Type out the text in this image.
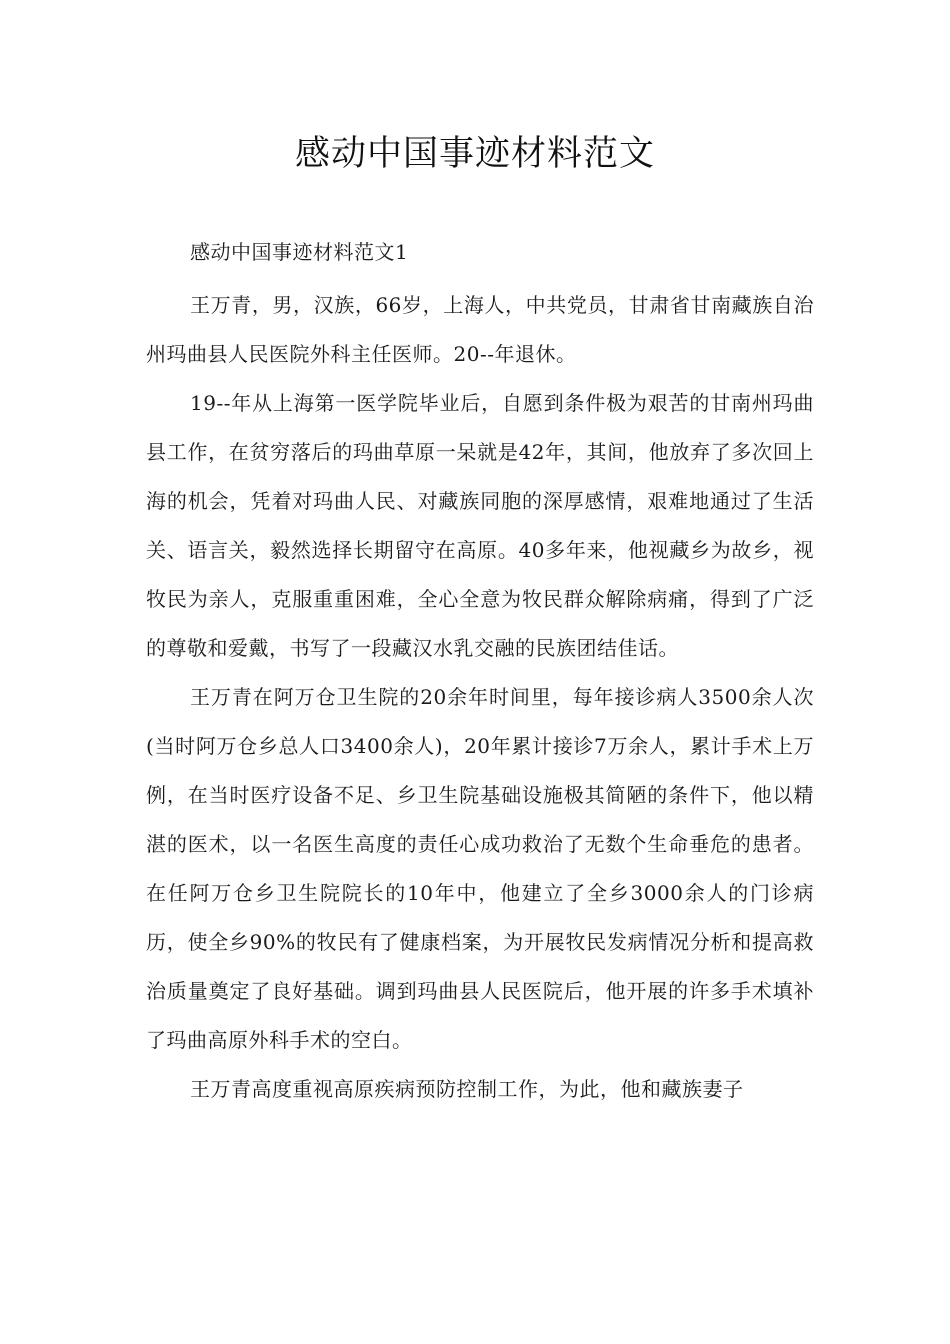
感动中国事迹材料范文

感动中国事迹材料范文1

王万青，男，汉族，66岁，上海人，中共党员，甘肃省甘南藏族自治州玛曲县人民医院外科主任医师。20--年退休。

19--年从上海第一医学院毕业后，自愿到条件极为艰苦的甘南州玛曲县工作，在贫穷落后的玛曲草原一呆就是42年，其间，他放弃了多次回上海的机会，凭着对玛曲人民、对藏族同胞的深厚感情，艰难地通过了生活关、语言关，毅然选择长期留守在高原。40多年来，他视藏乡为故乡，视牧民为亲人，克服重重困难，全心全意为牧民群众解除病痛，得到了广泛的尊敬和爱戴，书写了一段藏汉水乳交融的民族团结佳话。

王万青在阿万仓卫生院的20余年时间里，每年接诊病人3500余人次(当时阿万仓乡总人口3400余人)，20年累计接诊7万余人，累计手术上万例，在当时医疗设备不足、乡卫生院基础设施极其简陋的条件下，他以精湛的医术，以一名医生高度的责任心成功救治了无数个生命垂危的患者。在任阿万仓乡卫生院院长的10年中，他建立了全乡3000余人的门诊病历，使全乡90%的牧民有了健康档案，为开展牧民发病情况分析和提高救治质量奠定了良好基础。调到玛曲县人民医院后，他开展的许多手术填补了玛曲高原外科手术的空白。

王万青高度重视高原疾病预防控制工作，为此，他和藏族妻子
